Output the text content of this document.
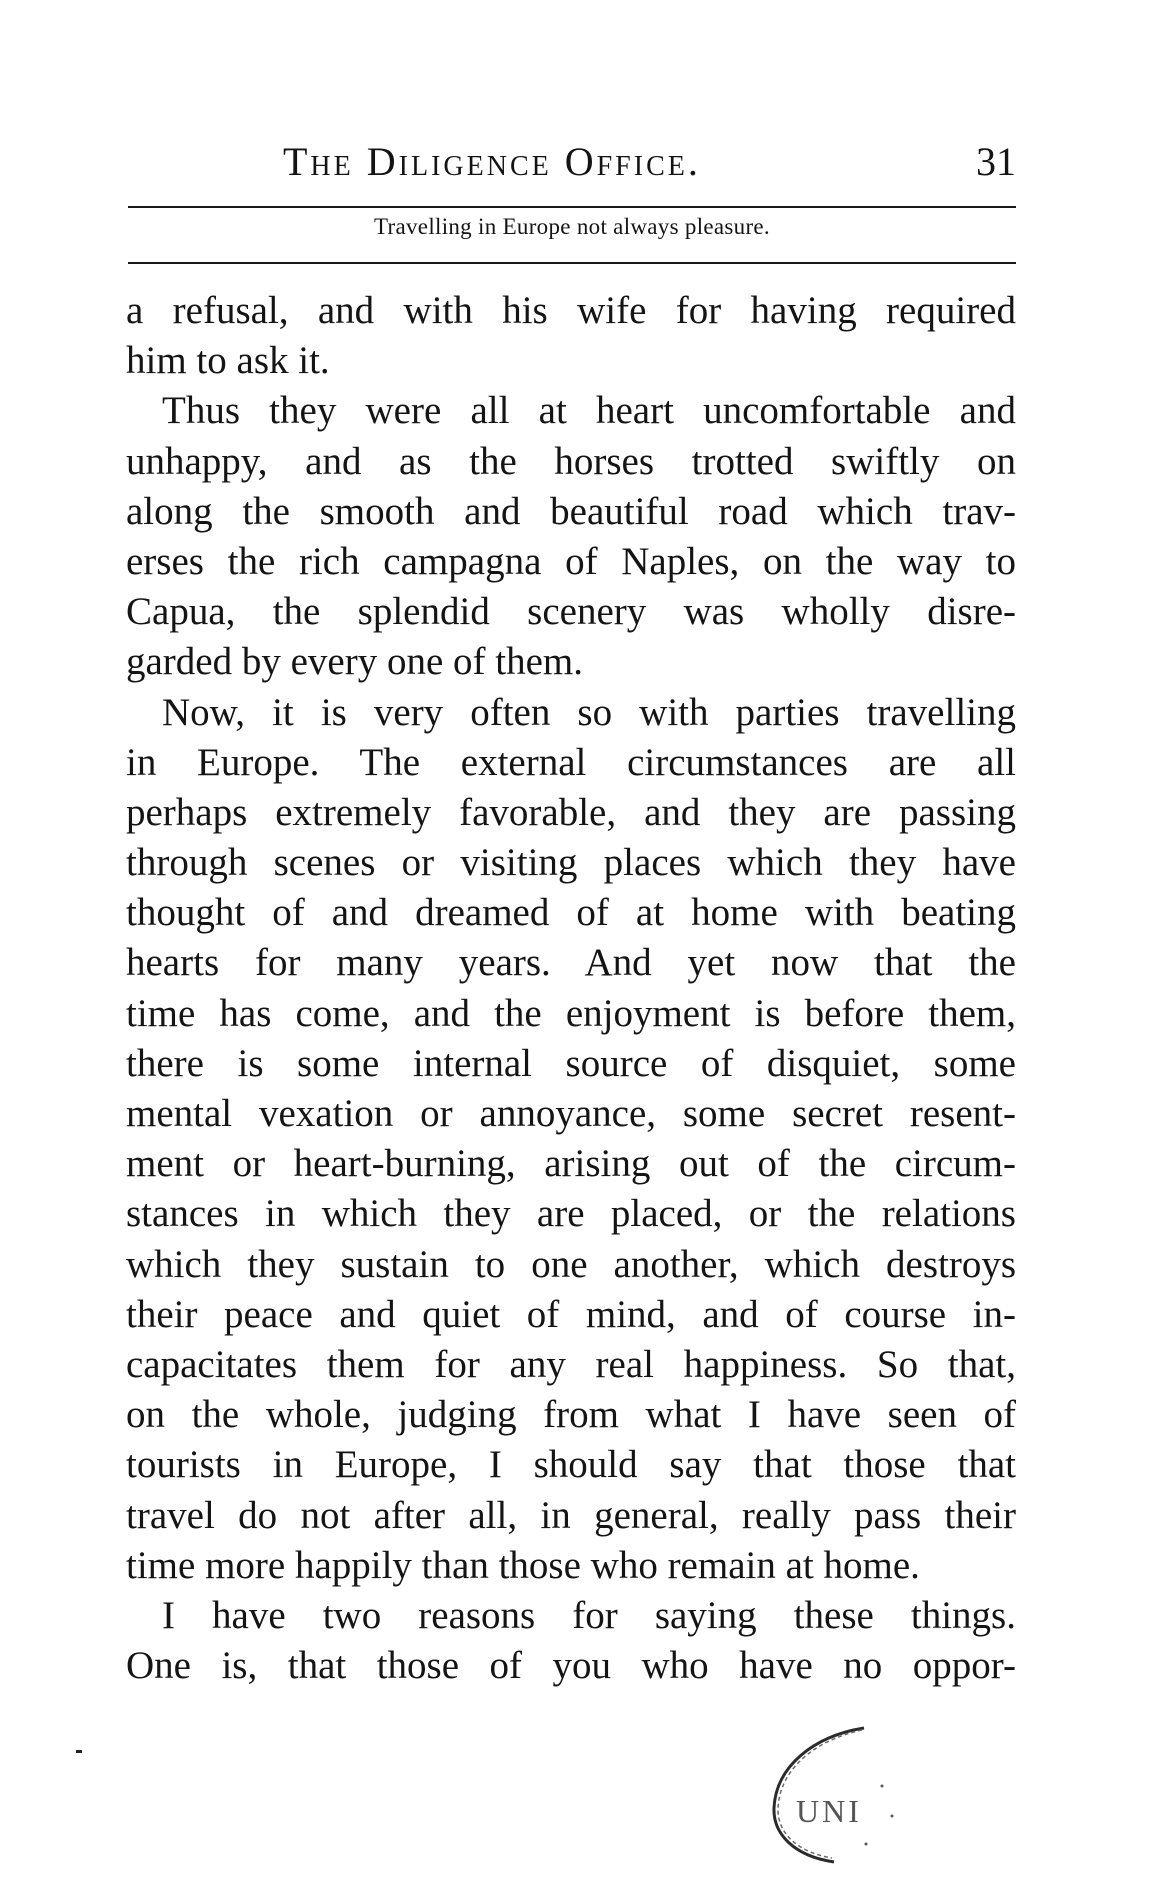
The Diligence Office.	31
Travelling in Europe not always pleasure.
a refusal, and with his wife for having required
him to ask it.
Thus they were all at heart uncomfortable and
unhappy, and as the horses trotted swiftly on
along the smooth and beautiful road which trav-
erses the rich campagna of Naples, on the way to
Capua, the splendid scenery was wholly disre-
garded by every one of them.
Now, it is very often so with parties travelling
in Europe. The external circumstances are all
perhaps extremely favorable, and they are passing
through scenes or visiting places which they have
thought of and dreamed of at home with beating
hearts for many years. And yet now that the
time has come, and the enjoyment is before them,
there is some internal source of disquiet, some
mental vexation or annoyance, some secret resent-
ment or heart-burning, arising out of the circum-
stances in which they are placed, or the relations
which they sustain to one another, which destroys
their peace and quiet of mind, and of course in-
capacitates them for any real happiness. So that,
on the whole, judging from what I have seen of
tourists in Europe, I should say that those that
travel do not after all, in general, really pass their
time more happily than those who remain at home.
I have two reasons for saying these things.
One is, that those of you who have no oppor-
UNI
